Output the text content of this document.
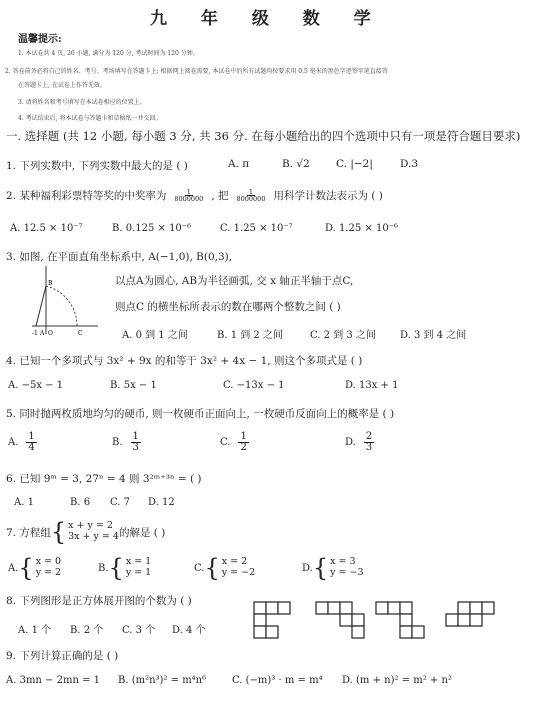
九 年 级 数 学
温馨提示:
1. 本试卷共 4 页, 26 小题, 满分为 120 分, 考试时间为 120 分钟。
2. 答卷前务必将自己的姓名、考号、考场填写在答题卡上; 根据网上阅卷需要, 本试卷中的所有试题均按要求用 0.5 毫米的黑色字迹签字笔直接答
在答题卡上, 在试卷上作答无效。
3. 请将姓名和考号填写在本试卷相应的位置上。
4. 考试结束后, 将本试卷与答题卡和草稿纸一并交回。
一. 选择题 (共 12 小题, 每小题 3 分, 共 36 分. 在每小题给出的四个选项中只有一项是符合题目要求)
1. 下列实数中, 下列实数中最大的是 ( )	A. π	B. √2 C. |−2|	D.3
2. 某种福利彩票特等奖的中奖率为 $\frac{1}{8000000}$ , 把 $\frac{1}{8000000}$ 用科学计数法表示为 ( )
A. 12.5 × 10⁻⁷	B. 0.125 × 10⁻⁶	C. 1.25 × 10⁻⁷	D. 1.25 × 10⁻⁶
3. 如图, 在平面直角坐标系中, A(−1,0), B(0,3),
B
-1 A O	C
以点A为圆心, AB为半径画弧, 交 x 轴正半轴于点C,
则点C 的横坐标所表示的数在哪两个整数之间 ( )
A. 0 到 1 之间	B. 1 到 2 之间	C. 2 到 3 之间 D. 3 到 4 之间
4. 已知一个多项式与 3x² + 9x 的和等于 3x² + 4x − 1, 则这个多项式是 ( )
A. −5x − 1	B. 5x − 1	C. −13x − 1	D. 13x + 1
5. 同时抛两枚质地均匀的硬币, 则一枚硬币正面向上, 一枚硬币反面向上的概率是 ( )
A. $\frac{1}{4}$	B. $\frac{1}{3}$	C. $\frac{1}{2}$	D. $\frac{2}{3}$
6. 已知 9ᵐ = 3, 27ⁿ = 4 则 3²ᵐ⁺³ⁿ = ( )
A. 1	B. 6 C. 7 D. 12
7. 方程组 { x + y = 2
3x + y = 4 的解是 ( )
A. { x = 0
y = 2	B. { x = 1
y = 1	C. { x = 2
y = −2	D. { x = 3
y = −3
8. 下列图形是正方体展开图的个数为 ( )
A. 1 个 B. 2 个 C. 3 个 D. 4 个
9. 下列计算正确的是 ( )
A. 3mn − 2mn = 1 B. (m²n³)² = m⁴n⁶	C. (−m)³ · m = m⁴ D. (m + n)² = m² + n²
